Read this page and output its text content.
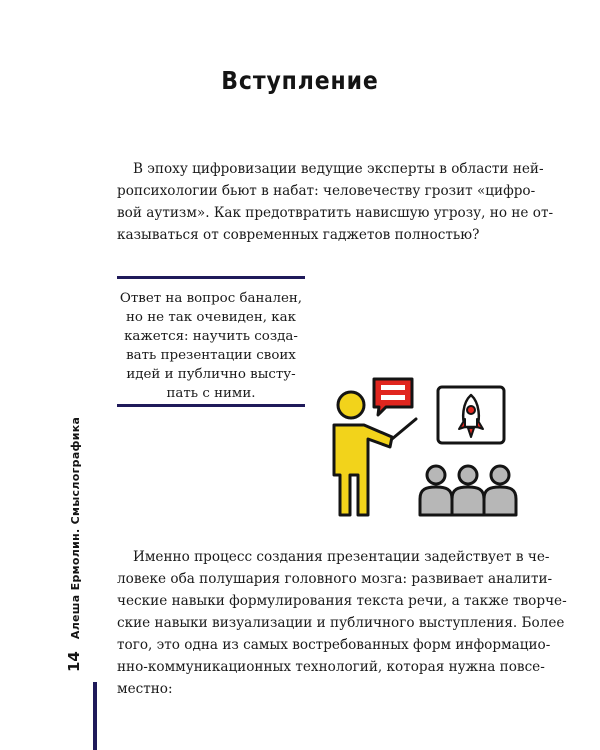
Вступление
В эпоху цифровизации ведущие эксперты в области ней-
ропсихологии бьют в набат: человечеству грозит «цифро-
вой аутизм». Как предотвратить нависшую угрозу, но не от-
казываться от современных гаджетов полностью?
Ответ на вопрос банален,
но не так очевиден, как
кажется: научить созда-
вать презентации своих
идей и публично высту-
пать с ними.
Именно процесс создания презентации задействует в че-
ловеке оба полушария головного мозга: развивает аналити-
ческие навыки формулирования текста речи, а также творче-
ские навыки визуализации и публичного выступления. Более
того, это одна из самых востребованных форм информацио-
нно-коммуникационных технологий, которая нужна повсе-
местно:
14Алеша Ермолин. Смыслографика
